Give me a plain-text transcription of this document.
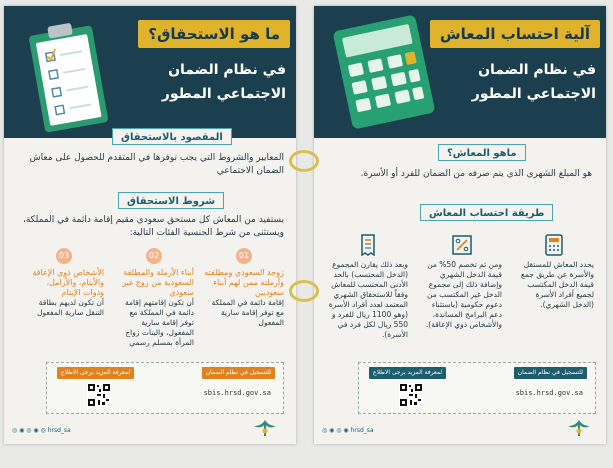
ما هو الاستحقاق؟
في نظام الضمان
الاجتماعي المطور
المقصود بالاستحقاق
المعايير والشروط التي يجب توفرها في المتقدم للحصول على معاش الضمان الاجتماعي
شروط الاستحقاق
يستفيد من المعاش كل مستحق سعودي مقيم إقامة دائمة في المملكة، ويستثنى من شرط الجنسية الفئات التالية:
01
زوجة السعودي ومطلقته وأرملته ممن لهم أبناء سعوديين
إقامة دائمة في المملكة مع توفر إقامة سارية المفعول
02
أبناء الأرملة والمطلقة السعودية من زوج غير سعودي
أن تكون إقامتهم إقامة دائمة في المملكة مع توفر إقامة سارية المفعول، والبنات زواج المرأة بمسلم رسمي
03
الأشخاص ذوي الإعاقة والأيتام، والأرامل، وذوات الإيتام
أن تكون لديهم بطاقة التنقل سارية المفعول
للتسجيل في نظام الضمان
لمعرفة المزيد يرجى الاطلاع
sbis.hrsd.gov.sa
◎ ◉ ◎ ◉ ◎ hrsd_sa
آلية احتساب المعاش
في نظام الضمان
الاجتماعي المطور
ماهو المعاش؟
هو المبلغ الشهري الذي يتم صرفه من الضمان للفرد أو الأسرة.
طريقة احتساب المعاش
يحدد المعاش للمستقل والأسرة عن طريق جمع قيمة الدخل المكتسب لجميع أفراد الأسرة (الدخل الشهري).
ومن ثم تخصم 50% من قيمة الدخل الشهري وإضافة ذلك إلى مجموع الدخل غير المكتسب من دعوم حكومية (باستثناء دعم البرامج المساندة، والأشخاص ذوي الإعاقة).
وبعد ذلك يقارن المجموع (الدخل المحتسب) بالحد الأدنى المحتسب للمعاش وفقاً للاستحقاق الشهري المعتمد لعدد أفراد الأسرة (وهو 1100 ريال للفرد و 550 ريال لكل فرد في الأسرة).
للتسجيل في نظام الضمان
لمعرفة المزيد يرجى الاطلاع
sbis.hrsd.gov.sa
◎ ◉ ◎ ◉ hrsd_sa
